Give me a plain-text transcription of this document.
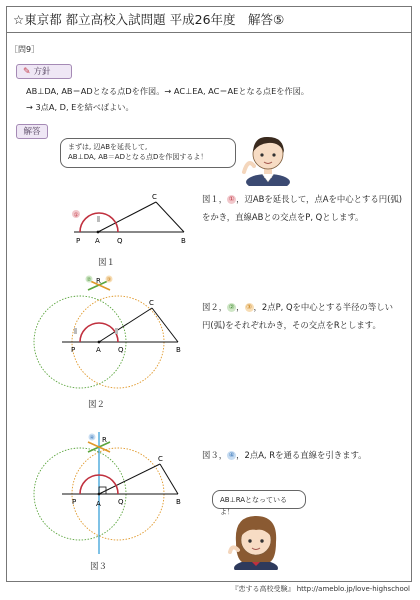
☆東京都 都立高校入試問題 平成26年度　解答⑤
［問9］
✎ 方針
AB⊥DA, AB＝ADとなる点Dを作図。→ AC⊥EA, AC＝AEとなる点Eを作図。
→ 3点A, D, Eを結べばよい。
解答
まずは, 辺ABを延長して,
AB⊥DA, AB＝ADとなる点Dを作図するよ！
P A Q	B
C
①
図１
図１， ① ，辺ABを延長して，点Aを中心とする円(弧)
をかき，直線ABとの交点をP, Qとします。
P	A Q	B
C
R
②	③
図２
図２， ② ， ③ ，2点P, Qを中心とする半径の等しい
円(弧)をそれぞれかき，その交点をRとします。
P	A Q	B
C
R
④
図３
図３， ④ ，2点A, Rを通る直線を引きます。
AB⊥RAとなっているよ！
『恋する高校受験』 http://ameblo.jp/love-highschool
